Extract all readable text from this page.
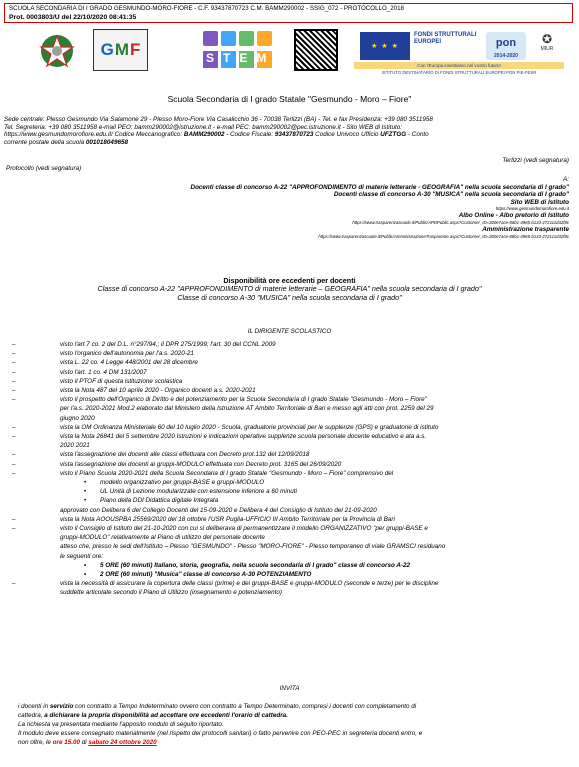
SCUOLA SECONDARIA DI I GRADO GESMUNDO-MORO-FIORE - C.F. 93437870723 C.M. BAMM290002 - SSIG_072 - PROTOCOLLO_2018
Prot. 0003803/U del 22/10/2020 08:41:35
G M F	STEM
★ ★ ★
FONDI STRUTTURALI EUROPEI	pon
2014-2020
✪
MIUR
Con l'Europa investiamo nel vostro futuro!
ISTITUTO DESTINATARIO DI FONDI STRUTTURALI EUROPEI PON PIE-FESR
Scuola Secondaria di I grado Statale "Gesmundo - Moro – Fiore"
Sede centrale: Plesso Gesmundo Via Salamone 29 - Plesso Moro-Fiore Via Casalicchio 36 - 70038 Terlizzi (BA) - Tel. e fax Presidenza: +39 080 3511958
Tel. Segreteria: +39 080 3511958 e-mail PEO: bamm290002@istruzione.it - e-mail PEC: bamm290002@pec.istruzione.it - Sito WEB di Istituto:
https://www.gesmundomorofiore.edu.it/ Codice Meccanografico: BAMM290002 - Codice Fiscale: 93437870723 Codice Univoco Ufficio UFZTGG - Conto
corrente postale della scuola 001018049658
Terlizzi (vedi segnatura)
Protocollo (vedi segnatura)
A:
Docenti classe di concorso A-22 "APPROFONDIMENTO di materie letterarie - GEOGRAFIA" nella scuola secondaria di I grado"
Docenti classe di concorso A-30 "MUSICA" nella scuola secondaria di I grado"
Sito WEB di Istituto
https://www.gesmundomorofiore.edu.it
Albo Online - Albo pretorio di Istituto
https://www.trasparenzascuole.it/Public/APDPublic.aspx?Customer_ID=300e7ace-86b1-4965-b133-272111d32f8c
Amministrazione trasparente
https://www.trasparenzascuole.it/Public/AmministrazioneTrasparente.aspx?Customer_ID=300e7ace-86b1-4965-b133-272111d32f8c
Disponibilità ore eccedenti per docenti
Classe di concorso A-22 "APPROFONDIMENTO di materie letterarie – GEOGRAFIA" nella scuola secondaria di I grado"
Classe di concorso A-30 "MUSICA" nella scuola secondaria di I grado"
IL DIRIGENTE SCOLASTICO
– visto l'art 7 co. 2 del D.L. n°297/94,; il DPR 275/1999; l'art. 30 del CCNL 2009
– visto l'organico dell'autonomia per l'a.s. 2020-21
– vista L. 22 co. 4 Legge 448/2001 del 28 dicembre
– visto l'art. 1 co. 4 DM 131/2007
– visto il PTOF di questa istituzione scolastica
– vista la Nota 487 del 10 aprile 2020 - Organico docenti a.s. 2020-2021
– visto il prospetto dell'Organico di Diritto e del potenziamento per la Scuola Secondaria di I grado Statale "Gesmundo - Moro – Fiore"
per l'a.s. 2020-2021 Mod.2 elaborato dal Ministero della Istruzione AT Ambito Territoriale di Bari e messo agli atti con prot. 2259 del 29
giugno 2020
– vista la OM Ordinanza Ministeriale 60 del 10 luglio 2020 - Scuola, graduatorie provinciali per le supplenze (GPS) e graduatorie di istituto
– vista la Nota 26841 del 5 settembre 2020 Istruzioni e indicazioni operative supplenze scuola personale docente educativo e ata a.s.
2020 2021
– vista l'assegnazione dei docenti alle classi effettuata con Decreto prot.132 del 12/09/2018
– vista l'assegnazione dei docenti ai gruppi-MODULO effettuata con Decreto prot. 3165 del 26/09/2020
– visto il Piano Scuola 2020-2021 della Scuola Secondaria di I grado Statale "Gesmundo - Moro – Fiore" comprensivo del
• modello organizzativo per gruppi-BASE e gruppi-MODULO
• UL Unità di Lezione modularizzate con estensione inferiore a 60 minuti
• Piano della DDI Didattica digitale Integrata
approvato con Delibera 6 del Collegio Docenti del 15-09-2020 e Delibera 4 del Consiglio di Istituto del 21-09-2020
– vista la Nota AOOUSPBA 25569/2020 del 18 ottobre l'USR Puglia-UFFICIO III Ambito Territoriale per la Provincia di Bari
– visto il Consiglio di Istituto del 21-10-2020 con cui si deliberava di permanentizzare il modello ORGANIZZATIVO "per gruppi-BASE e
gruppi-MODULO" relativamente al Piano di utilizzo del personale docente
atteso che, presso le sedi dell'Istituto – Plesso "GESMUNDO" - Plesso "MORO-FIORE" - Plesso temporaneo di viale GRAMSCI residuano
le seguenti ore:
• 5 ORE (60 minuti) Italiano, storia, geografia, nella scuola secondaria di I grado" classe di concorso A-22
• 2 ORE (60 minuti) "Musica" classe di concorso A-30 POTENZIAMENTO
– vista la necessità di assicurare la copertura delle classi (prime) e dei gruppi-BASE e gruppi-MODULO (seconde e terze) per le discipline
suddette articolate secondo il Piano di Utilizzo (insegnamento e potenziamento)
INVITA
i docenti in servizio con contratto a Tempo Indeterminato ovvero con contratto a Tempo Determinato, compresi i docenti con completamento di
cattedra, a dichiarare la propria disponibilità ad accettare ore eccedenti l'orario di cattedra.
La richiesta va presentata mediante l'apposito modulo di seguito riportato.
Il modulo deve essere consegnato materialmente (nel rispetto dei protocolli sanitari) o fatto pervenire con PEO-PEC in segreteria docenti entro, e
non oltre, le ore 15.00 di sabato 24 ottobre 2020
